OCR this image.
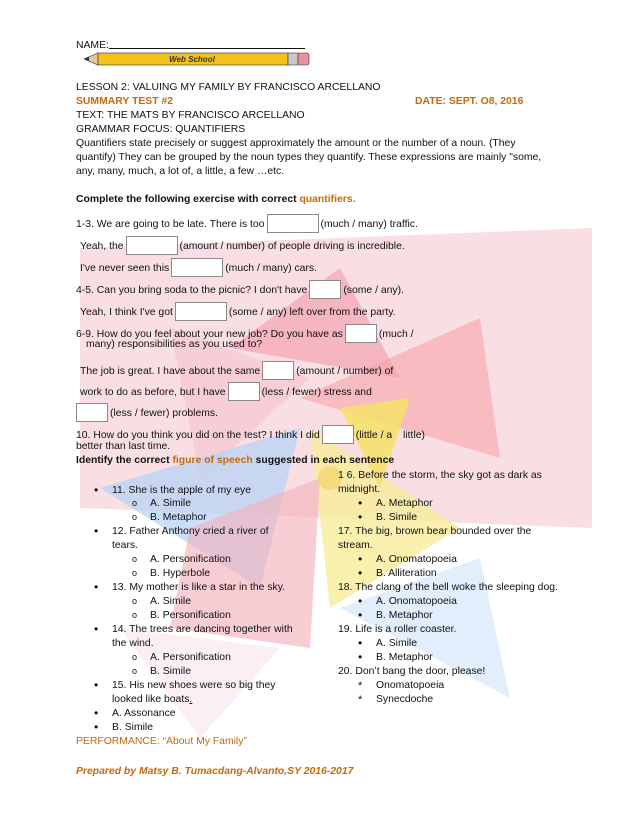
NAME:
Web School
LESSON 2: VALUING MY FAMILY BY FRANCISCO ARCELLANO
SUMMARY TEST #2	DATE: SEPT. O8, 2016
TEXT: THE MATS BY FRANCISCO ARCELLANO
GRAMMAR FOCUS: QUANTIFIERS
Quantifiers state precisely or suggest approximately the amount or the number of a noun. (They
quantify) They can be grouped by the noun types they quantify. These expressions are mainly "some,
any, many, much, a lot of, a little, a few …etc.
Complete the following exercise with correct quantifiers.
1-3. We are going to be late. There is too	(much / many) traffic.
Yeah, the	(amount / number) of people driving is incredible.
I've never seen this	(much / many) cars.
4-5. Can you bring soda to the picnic? I don't have	(some / any).
Yeah, I think I've got	(some / any) left over from the party.
6-9. How do you feel about your new job? Do you have as	(much /
many) responsibilities as you used to?
The job is great. I have about the same	(amount / number) of
work to do as before, but I have	(less / fewer) stress and
(less / fewer) problems.
10. How do you think you did on the test? I think I did	(little / a little)
better than last time.
Identify the correct figure of speech suggested in each sentence
• 11. She is the apple of my eye
o A. Simile
o B. Metaphor
• 12. Father Anthony cried a river of
tears.
o A. Personification
o B. Hyperbole
• 13. My mother is like a star in the sky.
o A. Simile
o B. Personification
• 14. The trees are dancing together with
the wind.
o A. Personification
o B. Simile
• 15. His new shoes were so big they
looked like boats.
• A. Assonance
• B. Simile
PERFORMANCE: “About My Family”
1 6. Before the storm, the sky got as dark as
midnight.
• A. Metaphor
• B. Simile
17. The big, brown bear bounded over the
stream.
• A. Onomatopoeia
• B. Alliteration
18. The clang of the bell woke the sleeping dog.
• A. Onomatopoeia
• B. Metaphor
19. Life is a roller coaster.
• A. Simile
• B. Metaphor
20. Don’t bang the door, please!
* Onomatopoeia
* Synecdoche
Prepared by Matsy B. Tumacdang-Alvanto,SY 2016-2017
